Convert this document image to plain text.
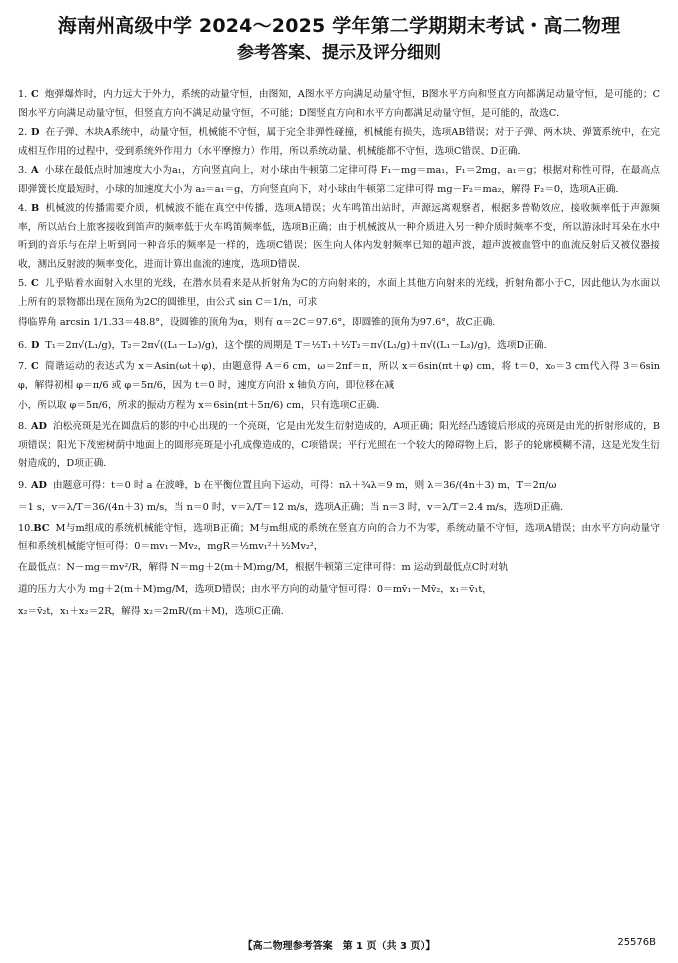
海南州高级中学 2024～2025 学年第二学期期末考试・高二物理
参考答案、提示及评分细则

1. C 炮弹爆炸时，内力远大于外力，系统的动量守恒，由图知，A图水平方向满足动量守恒，B图水平方向和竖直方向都满足动量守恒，是可能的；C图水平方向满足动量守恒，但竖直方向不满足动量守恒，不可能；D图竖直方向和水平方向都满足动量守恒，是可能的，故选C.

2. D 在子弹、木块A系统中，动量守恒，机械能不守恒，属于完全非弹性碰撞，机械能有损失，选项AB错误；对于子弹、两木块、弹簧系统中，在完成相互作用的过程中，受到系统外作用力（水平摩擦力）作用，所以系统动量、机械能都不守恒，选项C错误、D正确.

3. A 小球在最低点时加速度大小为a₁，方向竖直向上，对小球由牛顿第二定律可得 F₁－mg＝ma₁，F₁＝2mg，a₁＝g；根据对称性可得，在最高点即弹簧长度最短时，小球的加速度大小为 a₂＝a₁＝g，方向竖直向下，对小球由牛顿第二定律可得 mg－F₂＝ma₂，解得 F₂＝0，选项A正确.

4. B 机械波的传播需要介质，机械波不能在真空中传播，选项A错误；火车鸣笛出站时，声源远离观察者，根据多普勒效应，接收频率低于声源频率，所以站台上旅客接收到笛声的频率低于火车鸣笛频率低，选项B正确；由于机械波从一种介质进入另一种介质时频率不变，所以游泳时耳朵在水中听到的音乐与在岸上听到同一种音乐的频率是一样的，选项C错误；医生向人体内发射频率已知的超声波，超声波被血管中的血流反射后又被仪器接收，测出反射波的频率变化，进而计算出血流的速度，选项D错误.

5. C 儿乎贴着水面射入水里的光线，在潜水员看来是从折射角为C的方向射来的，水面上其他方向射来的光线，折射角都小于C，因此他认为水面以上所有的景物都出现在顶角为2C的圆锥里，由公式 sin C＝1/n，可求

得临界角 arcsin 1/1.33＝48.8°，设圆锥的顶角为α，则有 α＝2C＝97.6°，即圆锥的顶角为97.6°，故C正确.

6. D T₁＝2π√(L₁/g)，T₂＝2π√((L₁－L₂)/g)，这个摆的周期是 T＝½T₁＋½T₂＝π√(L₁/g)＋π√((L₁－L₂)/g)，选项D正确.

7. C 简谐运动的表达式为 x＝Asin(ωt＋φ)，由题意得 A＝6 cm，ω＝2πf＝π，所以 x＝6sin(πt＋φ) cm，将 t＝0，x₀＝3 cm代入得 3＝6sin φ，解得初相 φ＝π/6 或 φ＝5π/6，因为 t＝0 时，速度方向沿 x 轴负方向，即位移在减

小，所以取 φ＝5π/6，所求的振动方程为 x＝6sin(πt＋5π/6) cm，只有选项C正确.

8. AD 泊松亮斑是光在圆盘后的影的中心出现的一个亮斑，它是由光发生衍射造成的，A项正确；阳光经凸透镜后形成的亮斑是由光的折射形成的，B项错误；阳光下茂密树荫中地面上的圆形亮斑是小孔成像造成的，C项错误；平行光照在一个较大的障碍物上后，影子的轮廓模糊不清，这是光发生衍射造成的，D项正确.

9. AD 由题意可得：t＝0 时 a 在波峰，b 在平衡位置且向下运动，可得：nλ＋¾λ＝9 m，则 λ＝36/(4n＋3) m，T＝2π/ω

＝1 s，v＝λ/T＝36/(4n＋3) m/s，当 n＝0 时，v＝λ/T＝12 m/s，选项A正确；当 n＝3 时，v＝λ/T＝2.4 m/s，选项D正确.

10.BC M与m组成的系统机械能守恒，选项B正确；M与m组成的系统在竖直方向的合力不为零，系统动量不守恒，选项A错误；由水平方向动量守恒和系统机械能守恒可得：0＝mv₁－Mv₂，mgR＝½mv₁²＋½Mv₂²，

在最低点：N－mg＝mv²/R，解得 N＝mg＋2(m＋M)mg/M，根据牛顿第三定律可得：m 运动到最低点C时对轨

道的压力大小为 mg＋2(m＋M)mg/M，选项D错误；由水平方向的动量守恒可得：0＝mv̄₁－Mv̄₂，x₁＝v̄₁t，

x₂＝v̄₂t，x₁＋x₂＝2R，解得 x₂＝2mR/(m＋M)，选项C正确.

【高二物理参考答案　第 1 页（共 3 页）】	25576B
